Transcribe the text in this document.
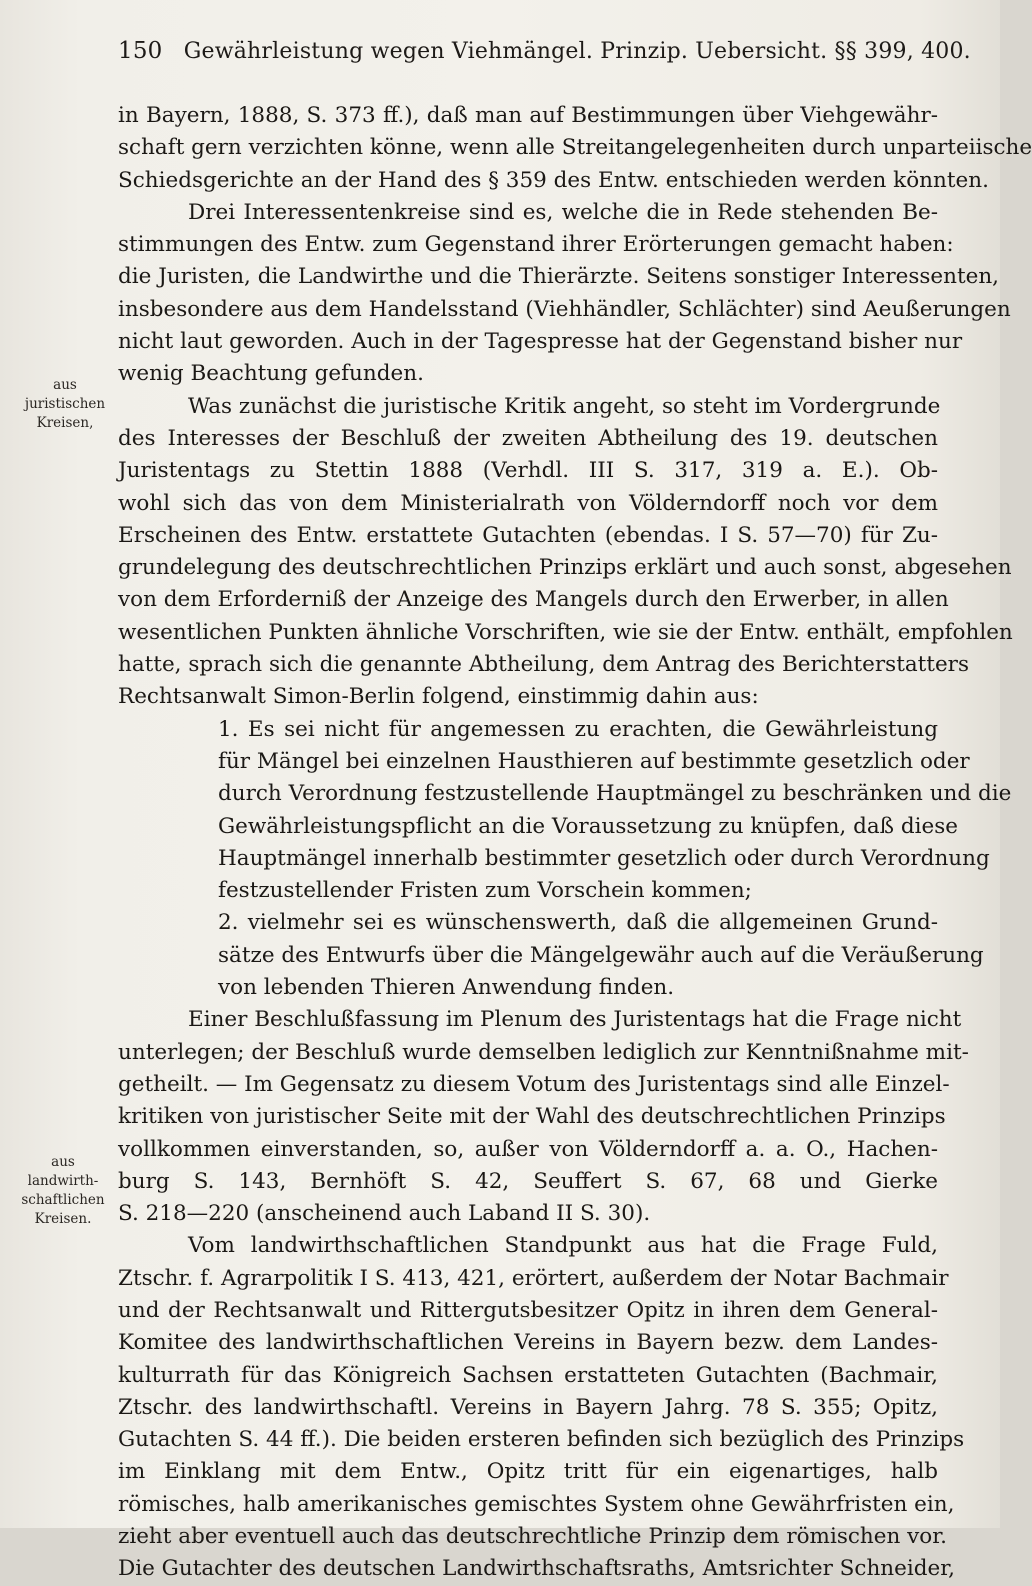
150 Gewährleistung wegen Viehmängel. Prinzip. Uebersicht. §§ 399, 400.
aus
juristischen
Kreisen,
aus
landwirth-
schaftlichen
Kreisen.
in Bayern, 1888, S. 373 ff.), daß man auf Bestimmungen über Viehgewähr-
schaft gern verzichten könne, wenn alle Streitangelegenheiten durch unparteiische
Schiedsgerichte an der Hand des § 359 des Entw. entschieden werden könnten.
Drei Interessentenkreise sind es, welche die in Rede stehenden Be-
stimmungen des Entw. zum Gegenstand ihrer Erörterungen gemacht haben:
die Juristen, die Landwirthe und die Thierärzte. Seitens sonstiger Interessenten,
insbesondere aus dem Handelsstand (Viehhändler, Schlächter) sind Aeußerungen
nicht laut geworden. Auch in der Tagespresse hat der Gegenstand bisher nur
wenig Beachtung gefunden.
Was zunächst die juristische Kritik angeht, so steht im Vordergrunde
des Interesses der Beschluß der zweiten Abtheilung des 19. deutschen
Juristentags zu Stettin 1888 (Verhdl. III S. 317, 319 a. E.). Ob-
wohl sich das von dem Ministerialrath von Völderndorff noch vor dem
Erscheinen des Entw. erstattete Gutachten (ebendas. I S. 57—70) für Zu-
grundelegung des deutschrechtlichen Prinzips erklärt und auch sonst, abgesehen
von dem Erforderniß der Anzeige des Mangels durch den Erwerber, in allen
wesentlichen Punkten ähnliche Vorschriften, wie sie der Entw. enthält, empfohlen
hatte, sprach sich die genannte Abtheilung, dem Antrag des Berichterstatters
Rechtsanwalt Simon-Berlin folgend, einstimmig dahin aus:
1. Es sei nicht für angemessen zu erachten, die Gewährleistung
für Mängel bei einzelnen Hausthieren auf bestimmte gesetzlich oder
durch Verordnung festzustellende Hauptmängel zu beschränken und die
Gewährleistungspflicht an die Voraussetzung zu knüpfen, daß diese
Hauptmängel innerhalb bestimmter gesetzlich oder durch Verordnung
festzustellender Fristen zum Vorschein kommen;
2. vielmehr sei es wünschenswerth, daß die allgemeinen Grund-
sätze des Entwurfs über die Mängelgewähr auch auf die Veräußerung
von lebenden Thieren Anwendung finden.
Einer Beschlußfassung im Plenum des Juristentags hat die Frage nicht
unterlegen; der Beschluß wurde demselben lediglich zur Kenntnißnahme mit-
getheilt. — Im Gegensatz zu diesem Votum des Juristentags sind alle Einzel-
kritiken von juristischer Seite mit der Wahl des deutschrechtlichen Prinzips
vollkommen einverstanden, so, außer von Völderndorff a. a. O., Hachen-
burg S. 143, Bernhöft S. 42, Seuffert S. 67, 68 und Gierke
S. 218—220 (anscheinend auch Laband II S. 30).
Vom landwirthschaftlichen Standpunkt aus hat die Frage Fuld,
Ztschr. f. Agrarpolitik I S. 413, 421, erörtert, außerdem der Notar Bachmair
und der Rechtsanwalt und Rittergutsbesitzer Opitz in ihren dem General-
Komitee des landwirthschaftlichen Vereins in Bayern bezw. dem Landes-
kulturrath für das Königreich Sachsen erstatteten Gutachten (Bachmair,
Ztschr. des landwirthschaftl. Vereins in Bayern Jahrg. 78 S. 355; Opitz,
Gutachten S. 44 ff.). Die beiden ersteren befinden sich bezüglich des Prinzips
im Einklang mit dem Entw., Opitz tritt für ein eigenartiges, halb
römisches, halb amerikanisches gemischtes System ohne Gewährfristen ein,
zieht aber eventuell auch das deutschrechtliche Prinzip dem römischen vor.
Die Gutachter des deutschen Landwirthschaftsraths, Amtsrichter Schneider,
